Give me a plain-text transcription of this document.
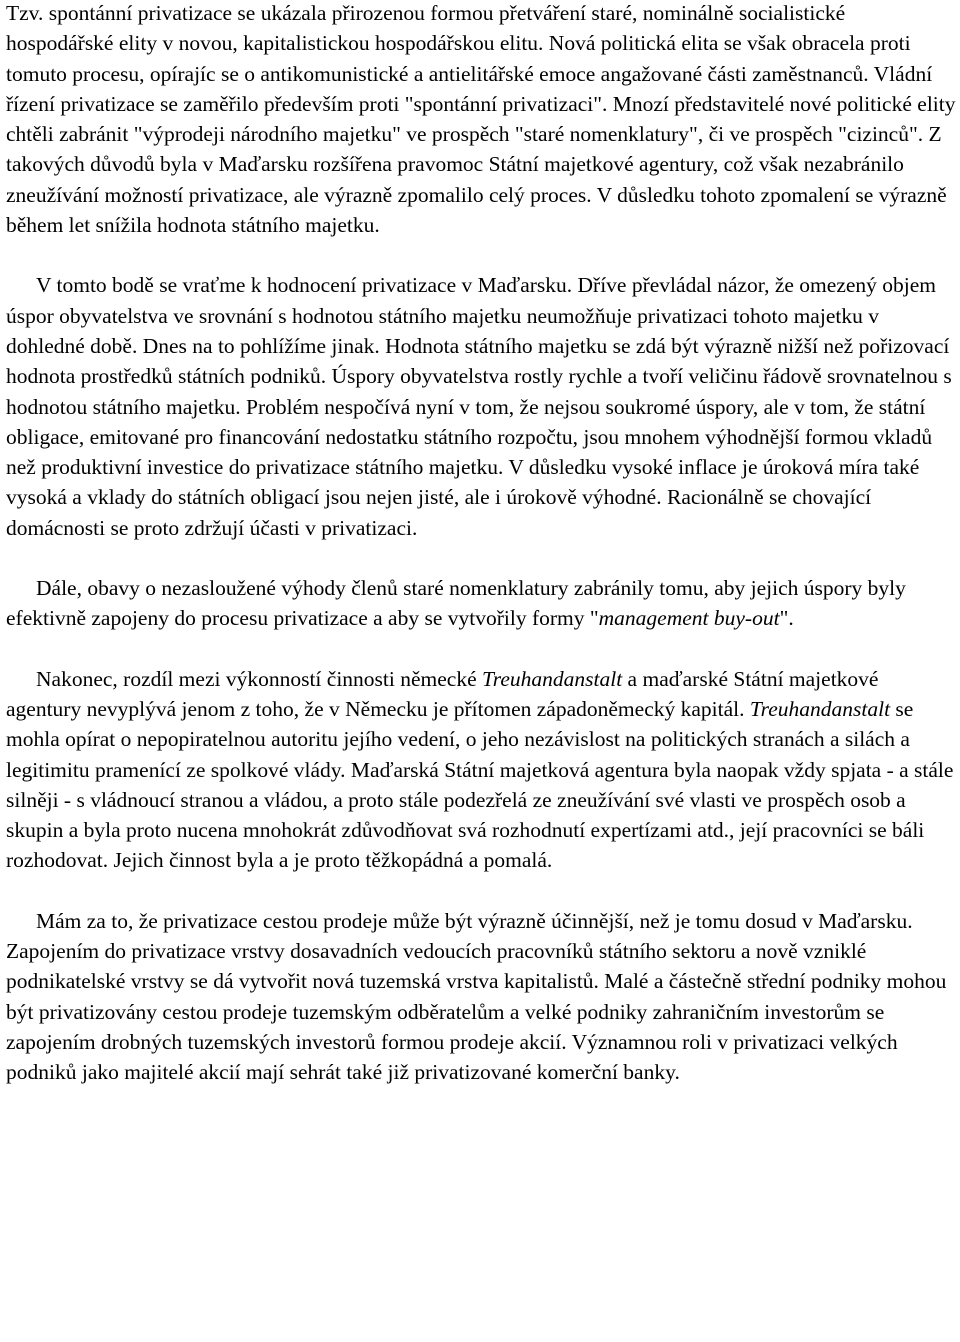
Tzv. spontánní privatizace se ukázala přirozenou formou přetváření staré, nominálně socialistické hospodářské elity v novou, kapitalistickou hospodářskou elitu. Nová politická elita se však obracela proti tomuto procesu, opírajíc se o antikomunistické a antielitářské emoce angažované části zaměstnanců. Vládní řízení privatizace se zaměřilo především proti "spontánní privatizaci". Mnozí představitelé nové politické elity chtěli zabránit "výprodeji národního majetku" ve prospěch "staré nomenklatury", či ve prospěch "cizinců". Z takových důvodů byla v Maďarsku rozšířena pravomoc Státní majetkové agentury, což však nezabránilo zneužívání možností privatizace, ale výrazně zpomalilo celý proces. V důsledku tohoto zpomalení se výrazně během let snížila hodnota státního majetku.

V tomto bodě se vraťme k hodnocení privatizace v Maďarsku. Dříve převládal názor, že omezený objem úspor obyvatelstva ve srovnání s hodnotou státního majetku neumožňuje privatizaci tohoto majetku v dohledné době. Dnes na to pohlížíme jinak. Hodnota státního majetku se zdá být výrazně nižší než pořizovací hodnota prostředků státních podniků. Úspory obyvatelstva rostly rychle a tvoří veličinu řádově srovnatelnou s hodnotou státního majetku. Problém nespočívá nyní v tom, že nejsou soukromé úspory, ale v tom, že státní obligace, emitované pro financování nedostatku státního rozpočtu, jsou mnohem výhodnější formou vkladů než produktivní investice do privatizace státního majetku. V důsledku vysoké inflace je úroková míra také vysoká a vklady do státních obligací jsou nejen jisté, ale i úrokově výhodné. Racionálně se chovající domácnosti se proto zdržují účasti v privatizaci.

Dále, obavy o nezasloužené výhody členů staré nomenklatury zabránily tomu, aby jejich úspory byly efektivně zapojeny do procesu privatizace a aby se vytvořily formy "management buy-out".

Nakonec, rozdíl mezi výkonností činnosti německé Treuhandanstalt a maďarské Státní majetkové agentury nevyplývá jenom z toho, že v Německu je přítomen západoněmecký kapitál. Treuhandanstalt se mohla opírat o nepopiratelnou autoritu jejího vedení, o jeho nezávislost na politických stranách a silách a legitimitu pramenící ze spolkové vlády. Maďarská Státní majetková agentura byla naopak vždy spjata - a stále silněji - s vládnoucí stranou a vládou, a proto stále podezřelá ze zneužívání své vlasti ve prospěch osob a skupin a byla proto nucena mnohokrát zdůvodňovat svá rozhodnutí expertízami atd., její pracovníci se báli rozhodovat. Jejich činnost byla a je proto těžkopádná a pomalá.

Mám za to, že privatizace cestou prodeje může být výrazně účinnější, než je tomu dosud v Maďarsku. Zapojením do privatizace vrstvy dosavadních vedoucích pracovníků státního sektoru a nově vzniklé podnikatelské vrstvy se dá vytvořit nová tuzemská vrstva kapitalistů. Malé a částečně střední podniky mohou být privatizovány cestou prodeje tuzemským odběratelům a velké podniky zahraničním investorům se zapojením drobných tuzemských investorů formou prodeje akcií. Významnou roli v privatizaci velkých podniků jako majitelé akcií mají sehrát také již privatizované komerční banky.
